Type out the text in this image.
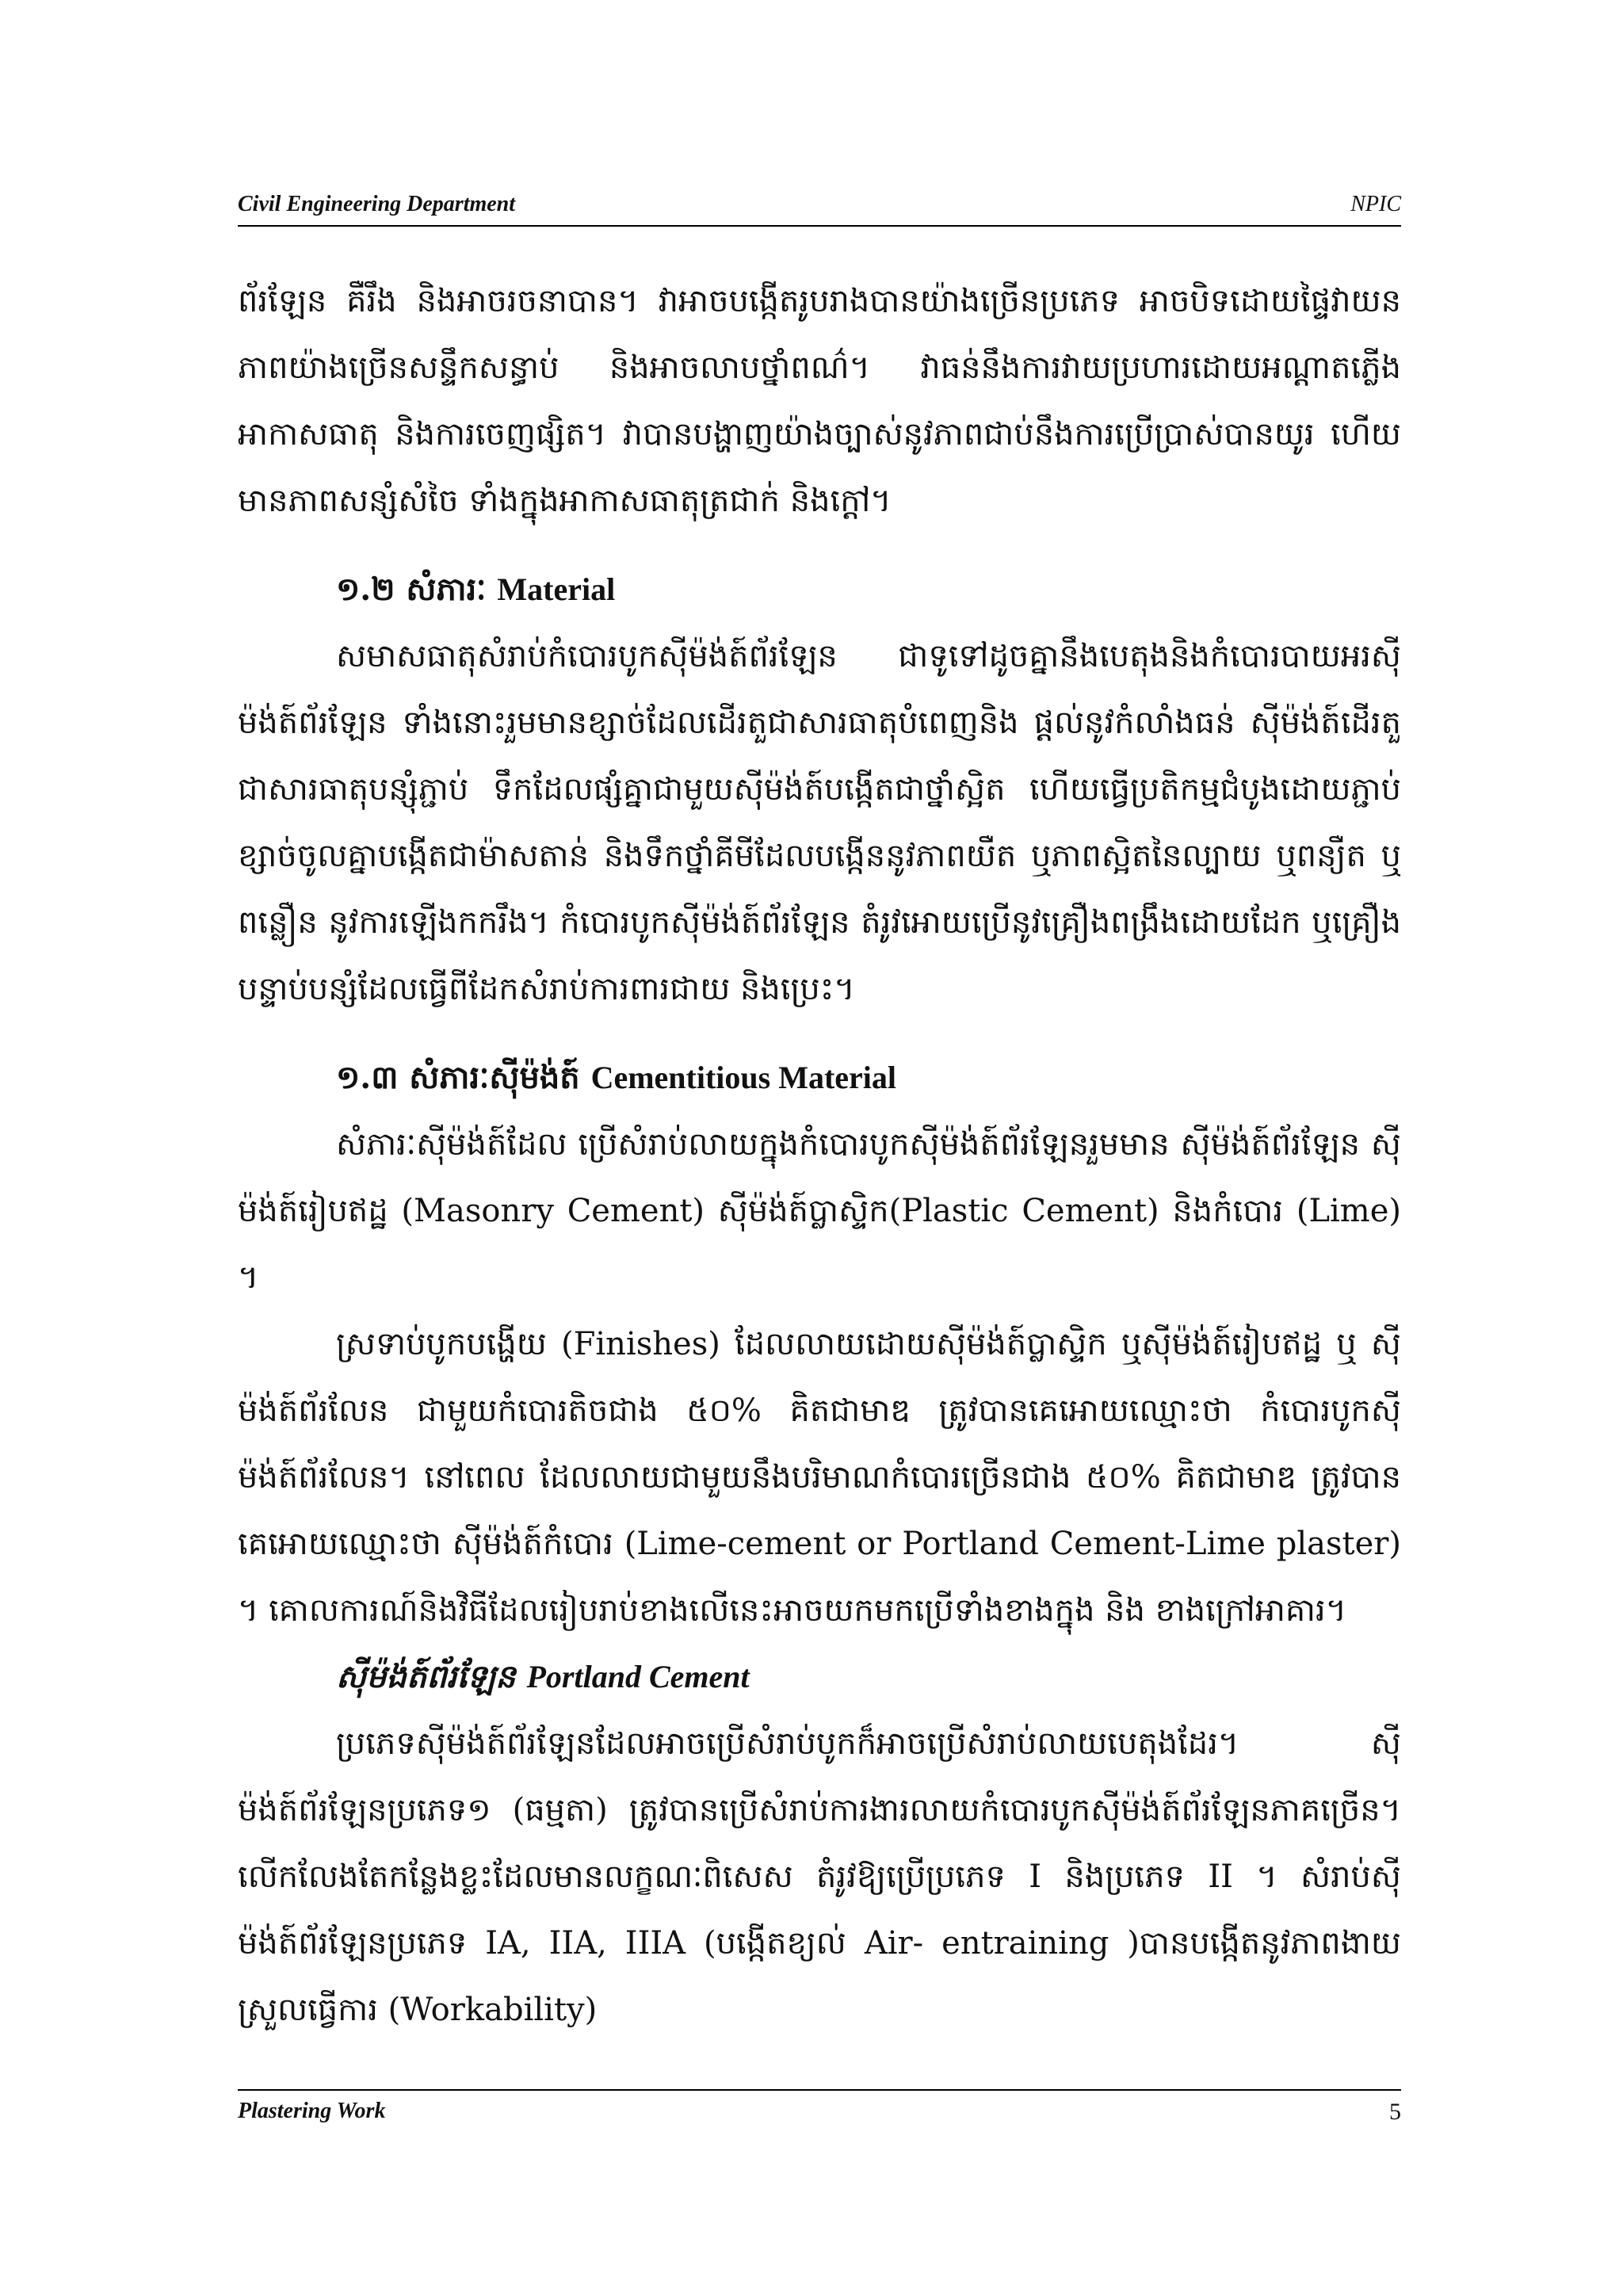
Civil Engineering Department	NPIC

ព័រឡែន គឺរឹង និងអាចរចនាបាន។ វាអាចបង្កើតរូបរាងបានយ៉ាងច្រើនប្រភេទ អាចបិទដោយផ្ទៃវាយនភាពយ៉ាងច្រើនសន្ទឹកសន្ធាប់ និងអាចលាបថ្នាំពណ៌។ វាធន់នឹងការវាយប្រហារដោយអណ្ដាតភ្លើង អាកាសធាតុ និងការចេញផ្សិត។ វាបានបង្ហាញយ៉ាងច្បាស់នូវភាពជាប់នឹងការប្រើប្រាស់បានយូរ ហើយមានភាពសន្សំសំចៃ ទាំងក្នុងអាកាសធាតុត្រជាក់ និងក្ដៅ។

១.២ សំភារៈ Material

សមាសធាតុសំរាប់កំបោរបូកស៊ីម៉ង់ត៍ព័រឡែន ជាទូទៅដូចគ្នានឹងបេតុងនិងកំបោរបាយអរស៊ីម៉ង់ត៍ព័រឡែន ទាំងនោះរួមមានខ្សាច់ដែលដើរតួជាសារធាតុបំពេញនិង ផ្ដល់នូវកំលាំងធន់ ស៊ីម៉ង់ត៍ដើរតួជាសារធាតុបន្សុំភ្ជាប់ ទឹកដែលផ្សំគ្នាជាមួយស៊ីម៉ង់ត៍បង្កើតជាថ្នាំស្អិត ហើយធ្វើប្រតិកម្មជំបូងដោយភ្ជាប់ខ្សាច់ចូលគ្នាបង្កើតជាម៉ាសតាន់ និងទឹកថ្នាំគីមីដែលបង្កើននូវភាពយឺត ឬភាពស្អិតនៃល្បាយ ឬពន្យឺត ឬពន្លឿន នូវការឡើងកករឹង។ កំបោរបូកស៊ីម៉ង់ត៍ព័រឡែន តំរូវអោយប្រើនូវគ្រឿងពង្រឹងដោយដែក ឬគ្រឿងបន្ទាប់បន្សំដែលធ្វើពីដែកសំរាប់ការពារជាយ និងប្រេះ។

១.៣ សំភារៈស៊ីម៉ង់ត៍ Cementitious Material

សំភារៈស៊ីម៉ង់ត៍ដែល ប្រើសំរាប់លាយក្នុងកំបោរបូកស៊ីម៉ង់ត៍ព័រឡែនរួមមាន ស៊ីម៉ង់ត៍ព័រឡែន ស៊ីម៉ង់ត៍រៀបឥដ្ឋ (Masonry Cement) ស៊ីម៉ង់ត៍ប្លាស្ទិក(Plastic Cement) និងកំបោរ (Lime) ។

ស្រទាប់បូកបង្ហើយ (Finishes) ដែលលាយដោយស៊ីម៉ង់ត៍ប្លាស្ទិក ឬស៊ីម៉ង់ត៍រៀបឥដ្ឋ ឬ ស៊ីម៉ង់ត៍ព័រលែន ជាមួយកំបោរតិចជាង ៥០% គិតជាមាឌ ត្រូវបានគេអោយឈ្មោះថា កំបោរបូកស៊ីម៉ង់ត៍ព័រលែន។ នៅពេល ដែលលាយជាមួយនឹងបរិមាណកំបោរច្រើនជាង ៥០% គិតជាមាឌ ត្រូវបានគេអោយឈ្មោះថា ស៊ីម៉ង់ត៍កំបោរ (Lime-cement or Portland Cement-Lime plaster) ។ គោលការណ៍និងវិធីដែលរៀបរាប់ខាងលើនេះអាចយកមកប្រើទាំងខាងក្នុង និង ខាងក្រៅអាគារ។

ស៊ីម៉ង់ត៍ព័រឡែន Portland Cement

ប្រភេទស៊ីម៉ង់ត៍ព័រឡែនដែលអាចប្រើសំរាប់បូកក៏អាចប្រើសំរាប់លាយបេតុងដែរ។ ស៊ីម៉ង់ត៍ព័រឡែនប្រភេទ១ (ធម្មតា) ត្រូវបានប្រើសំរាប់ការងារលាយកំបោរបូកស៊ីម៉ង់ត៍ព័រឡែនភាគច្រើន។ លើកលែងតែកន្លែងខ្លះដែលមានលក្ខណៈពិសេស តំរូវឱ្យប្រើប្រភេទ I និងប្រភេទ II ។ សំរាប់ស៊ីម៉ង់ត៍ព័រឡែនប្រភេទ IA, IIA, IIIA (បង្កើតខ្យល់ Air- entraining )បានបង្កើតនូវភាពងាយស្រួលធ្វើការ (Workability)

Plastering Work	5
